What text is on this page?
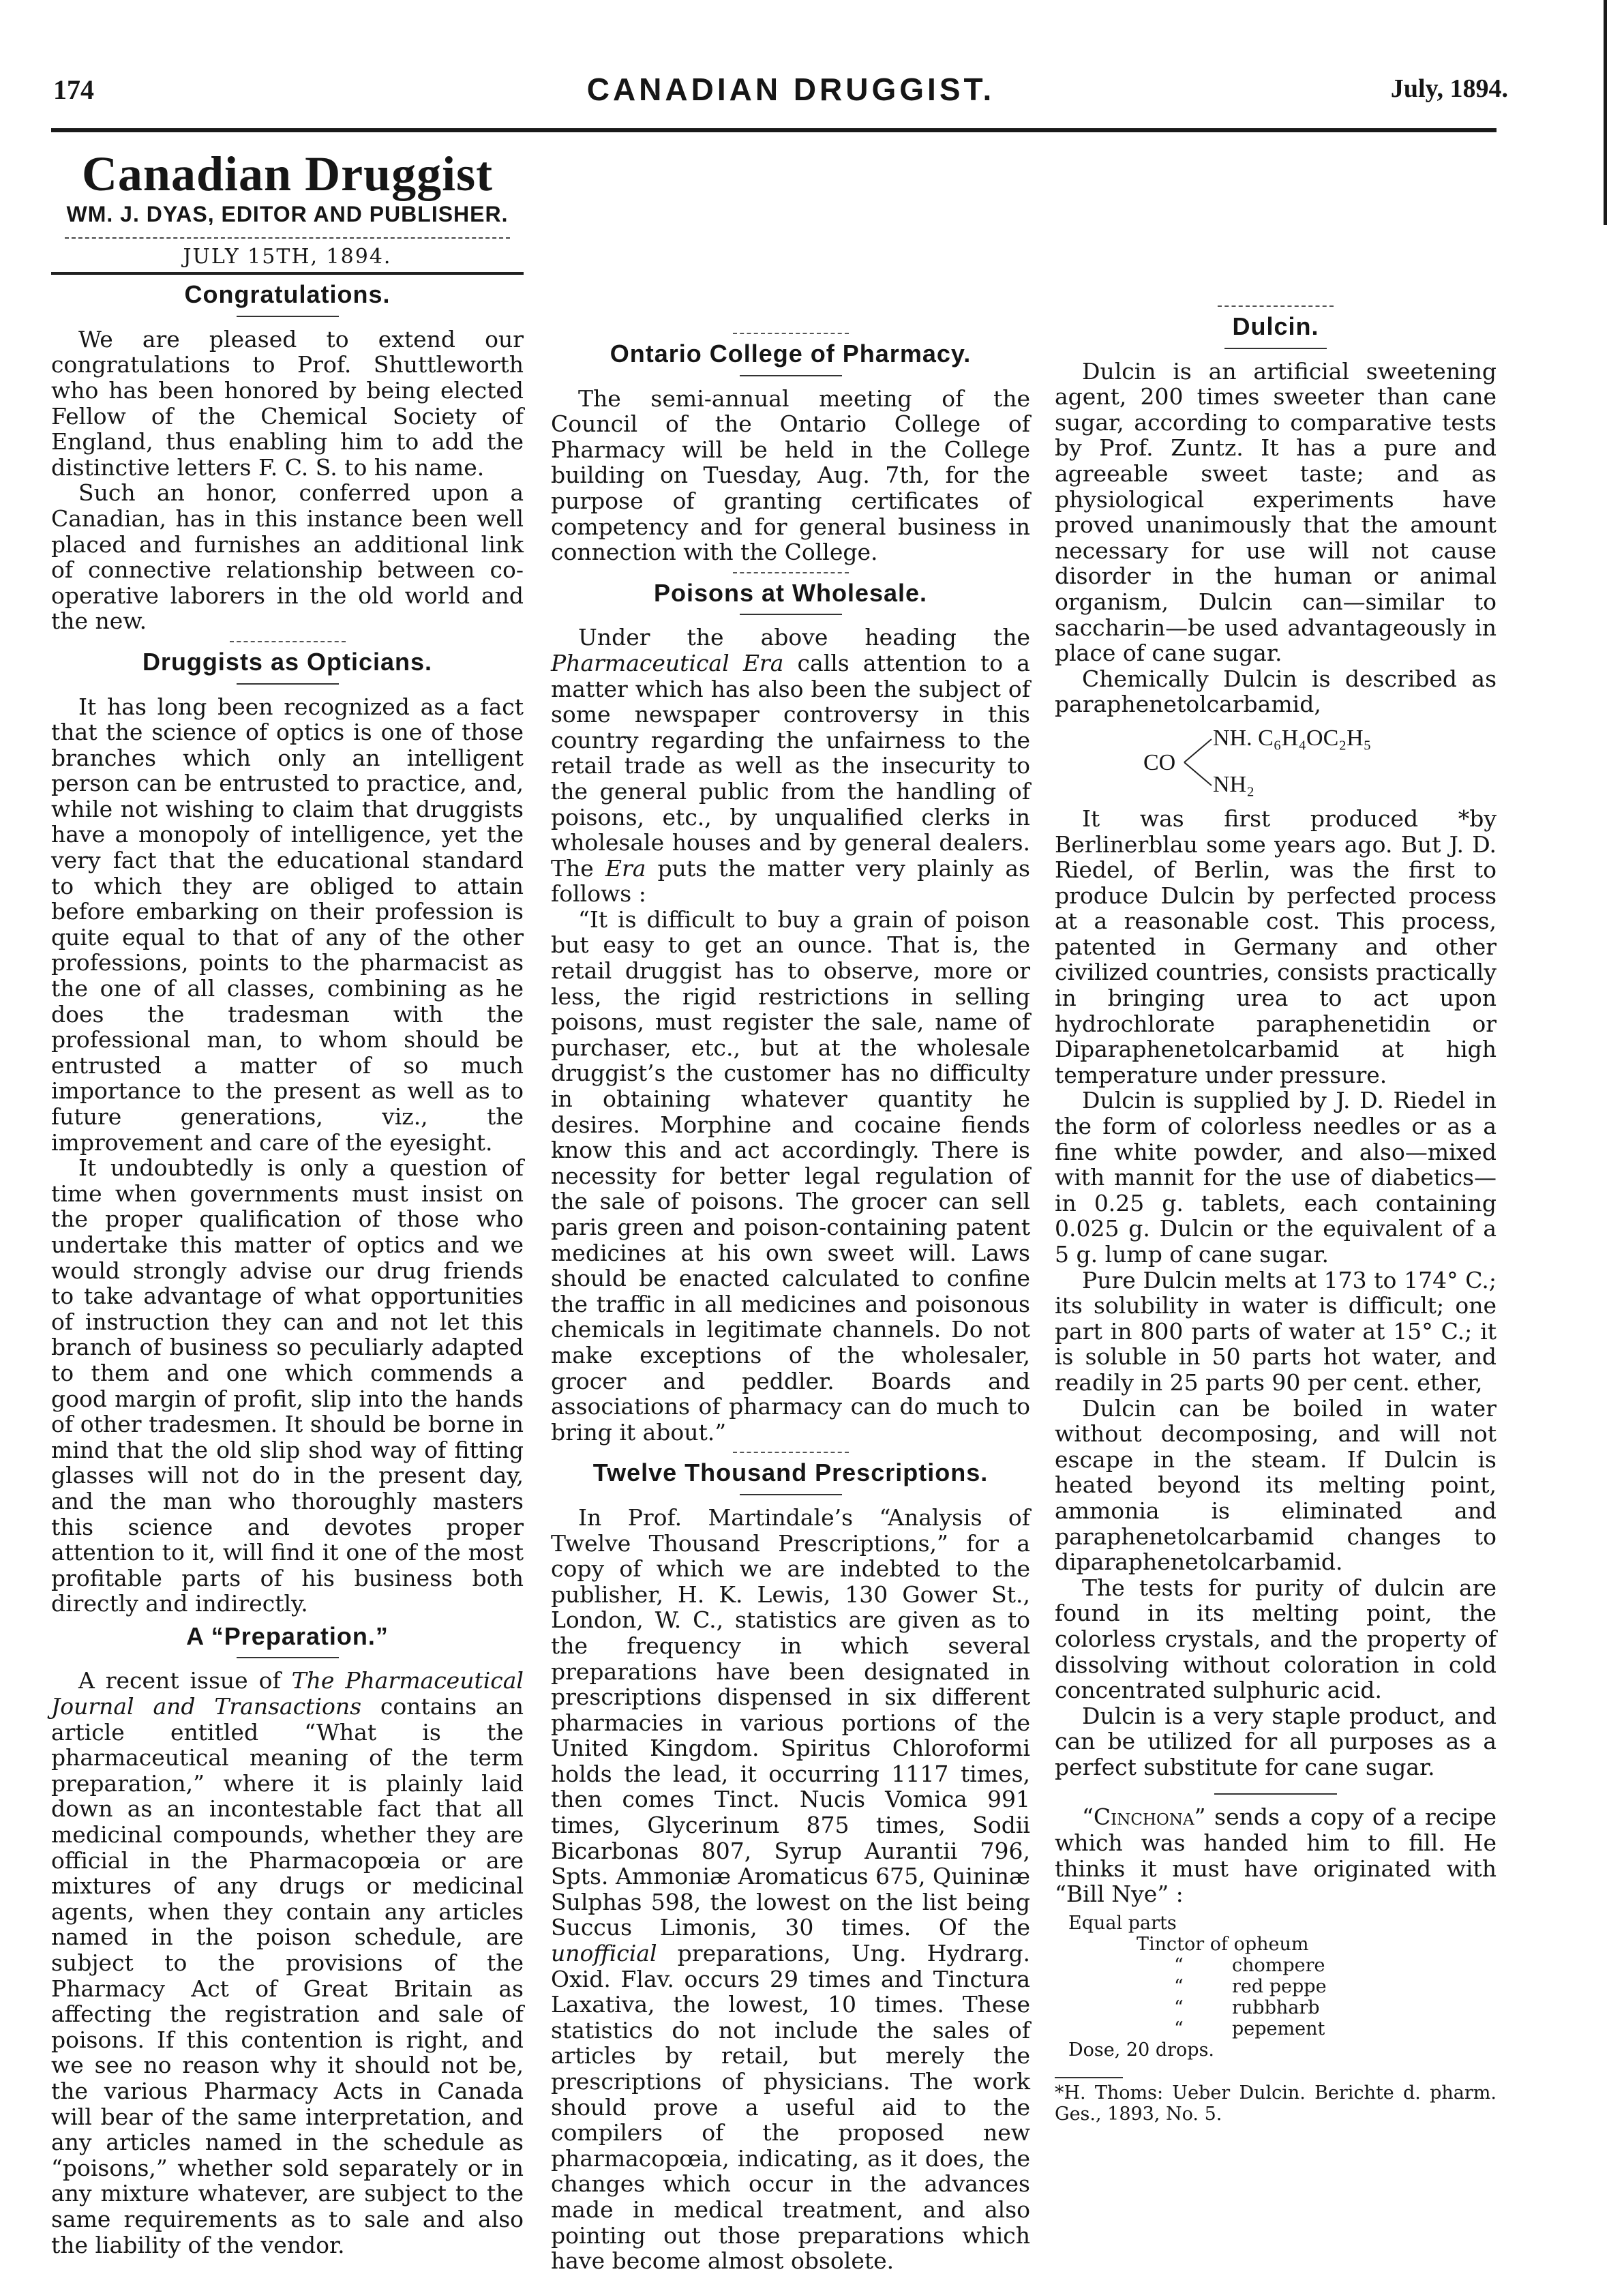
174	CANADIAN DRUGGIST.	July, 1894.
Canadian Druggist
WM. J. DYAS, EDITOR AND PUBLISHER.
JULY 15TH, 1894.
Congratulations.

We are pleased to extend our congratulations to Prof. Shuttleworth who has been honored by being elected Fellow of the Chemical Society of England, thus enabling him to add the distinctive letters F. C. S. to his name.

Such an honor, conferred upon a Canadian, has in this instance been well placed and furnishes an additional link of connective relationship between co-operative laborers in the old world and the new.

Druggists as Opticians.

It has long been recognized as a fact that the science of optics is one of those branches which only an intelligent person can be entrusted to practice, and, while not wishing to claim that druggists have a monopoly of intelligence, yet the very fact that the educational standard to which they are obliged to attain before embarking on their profession is quite equal to that of any of the other professions, points to the pharmacist as the one of all classes, combining as he does the tradesman with the professional man, to whom should be entrusted a matter of so much importance to the present as well as to future generations, viz., the improvement and care of the eyesight.

It undoubtedly is only a question of time when governments must insist on the proper qualification of those who undertake this matter of optics and we would strongly advise our drug friends to take advantage of what opportunities of instruction they can and not let this branch of business so peculiarly adapted to them and one which commends a good margin of profit, slip into the hands of other tradesmen. It should be borne in mind that the old slip shod way of fitting glasses will not do in the present day, and the man who thoroughly masters this science and devotes proper attention to it, will find it one of the most profitable parts of his business both directly and indirectly.

A “Preparation.”

A recent issue of The Pharmaceutical Journal and Transactions contains an article entitled “What is the pharmaceutical meaning of the term preparation,” where it is plainly laid down as an incontestable fact that all medicinal compounds, whether they are official in the Pharmacopœia or are mixtures of any drugs or medicinal agents, when they contain any articles named in the poison schedule, are subject to the provisions of the Pharmacy Act of Great Britain as affecting the registration and sale of poisons. If this contention is right, and we see no reason why it should not be, the various Pharmacy Acts in Canada will bear of the same interpretation, and any articles named in the schedule as “poisons,” whether sold separately or in any mixture whatever, are subject to the same requirements as to sale and also the liability of the vendor.

Ontario College of Pharmacy.

The semi-annual meeting of the Council of the Ontario College of Pharmacy will be held in the College building on Tuesday, Aug. 7th, for the purpose of granting certificates of competency and for general business in connection with the College.

Poisons at Wholesale.

Under the above heading the Pharmaceutical Era calls attention to a matter which has also been the subject of some newspaper controversy in this country regarding the unfairness to the retail trade as well as the insecurity to the general public from the handling of poisons, etc., by unqualified clerks in wholesale houses and by general dealers. The Era puts the matter very plainly as follows :

“It is difficult to buy a grain of poison but easy to get an ounce. That is, the retail druggist has to observe, more or less, the rigid restrictions in selling poisons, must register the sale, name of purchaser, etc., but at the wholesale druggist’s the customer has no difficulty in obtaining whatever quantity he desires. Morphine and cocaine fiends know this and act accordingly. There is necessity for better legal regulation of the sale of poisons. The grocer can sell paris green and poison-containing patent medicines at his own sweet will. Laws should be enacted calculated to confine the traffic in all medicines and poisonous chemicals in legitimate channels. Do not make exceptions of the wholesaler, grocer and peddler. Boards and associations of pharmacy can do much to bring it about.”

Twelve Thousand Prescriptions.

In Prof. Martindale’s “Analysis of Twelve Thousand Prescriptions,” for a copy of which we are indebted to the publisher, H. K. Lewis, 130 Gower St., London, W. C., statistics are given as to the frequency in which several preparations have been designated in prescriptions dispensed in six different pharmacies in various portions of the United Kingdom. Spiritus Chloroformi holds the lead, it occurring 1117 times, then comes Tinct. Nucis Vomica 991 times, Glycerinum 875 times, Sodii Bicarbonas 807, Syrup Aurantii 796, Spts. Ammoniæ Aromaticus 675, Quininæ Sulphas 598, the lowest on the list being Succus Limonis, 30 times. Of the unofficial preparations, Ung. Hydrarg. Oxid. Flav. occurs 29 times and Tinctura Laxativa, the lowest, 10 times. These statistics do not include the sales of articles by retail, but merely the prescriptions of physicians. The work should prove a useful aid to the compilers of the proposed new pharmacopœia, indicating, as it does, the changes which occur in the advances made in medical treatment, and also pointing out those preparations which have become almost obsolete.

Dulcin.

Dulcin is an artificial sweetening agent, 200 times sweeter than cane sugar, according to comparative tests by Prof. Zuntz. It has a pure and agreeable sweet taste; and as physiological experiments have proved unanimously that the amount necessary for use will not cause disorder in the human or animal organism, Dulcin can—similar to saccharin—be used advantageously in place of cane sugar.

Chemically Dulcin is described as paraphenetolcarbamid,

CO
NH. C₆H₄OC₂H₅
NH₂

It was first produced *by Berlinerblau some years ago. But J. D. Riedel, of Berlin, was the first to produce Dulcin by perfected process at a reasonable cost. This process, patented in Germany and other civilized countries, consists practically in bringing urea to act upon hydrochlorate paraphenetidin or Diparaphenetolcarbamid at high temperature under pressure.

Dulcin is supplied by J. D. Riedel in the form of colorless needles or as a fine white powder, and also—mixed with mannit for the use of diabetics—in 0.25 g. tablets, each containing 0.025 g. Dulcin or the equivalent of a 5 g. lump of cane sugar.

Pure Dulcin melts at 173 to 174° C.; its solubility in water is difficult; one part in 800 parts of water at 15° C.; it is soluble in 50 parts hot water, and readily in 25 parts 90 per cent. ether,

Dulcin can be boiled in water without decomposing, and will not escape in the steam. If Dulcin is heated beyond its melting point, ammonia is eliminated and paraphenetolcarbamid changes to diparaphenetolcarbamid.

The tests for purity of dulcin are found in its melting point, the colorless crystals, and the property of dissolving without coloration in cold concentrated sulphuric acid.

Dulcin is a very staple product, and can be utilized for all purposes as a perfect substitute for cane sugar.

“Cinchona” sends a copy of a recipe which was handed him to fill. He thinks it must have originated with “Bill Nye” :

Equal parts
Tinctor of opheum
“	chompere
“	red peppe
“	rubbharb
“	pepement
Dose, 20 drops.
*H. Thoms: Ueber Dulcin. Berichte d. pharm. Ges., 1893, No. 5.
